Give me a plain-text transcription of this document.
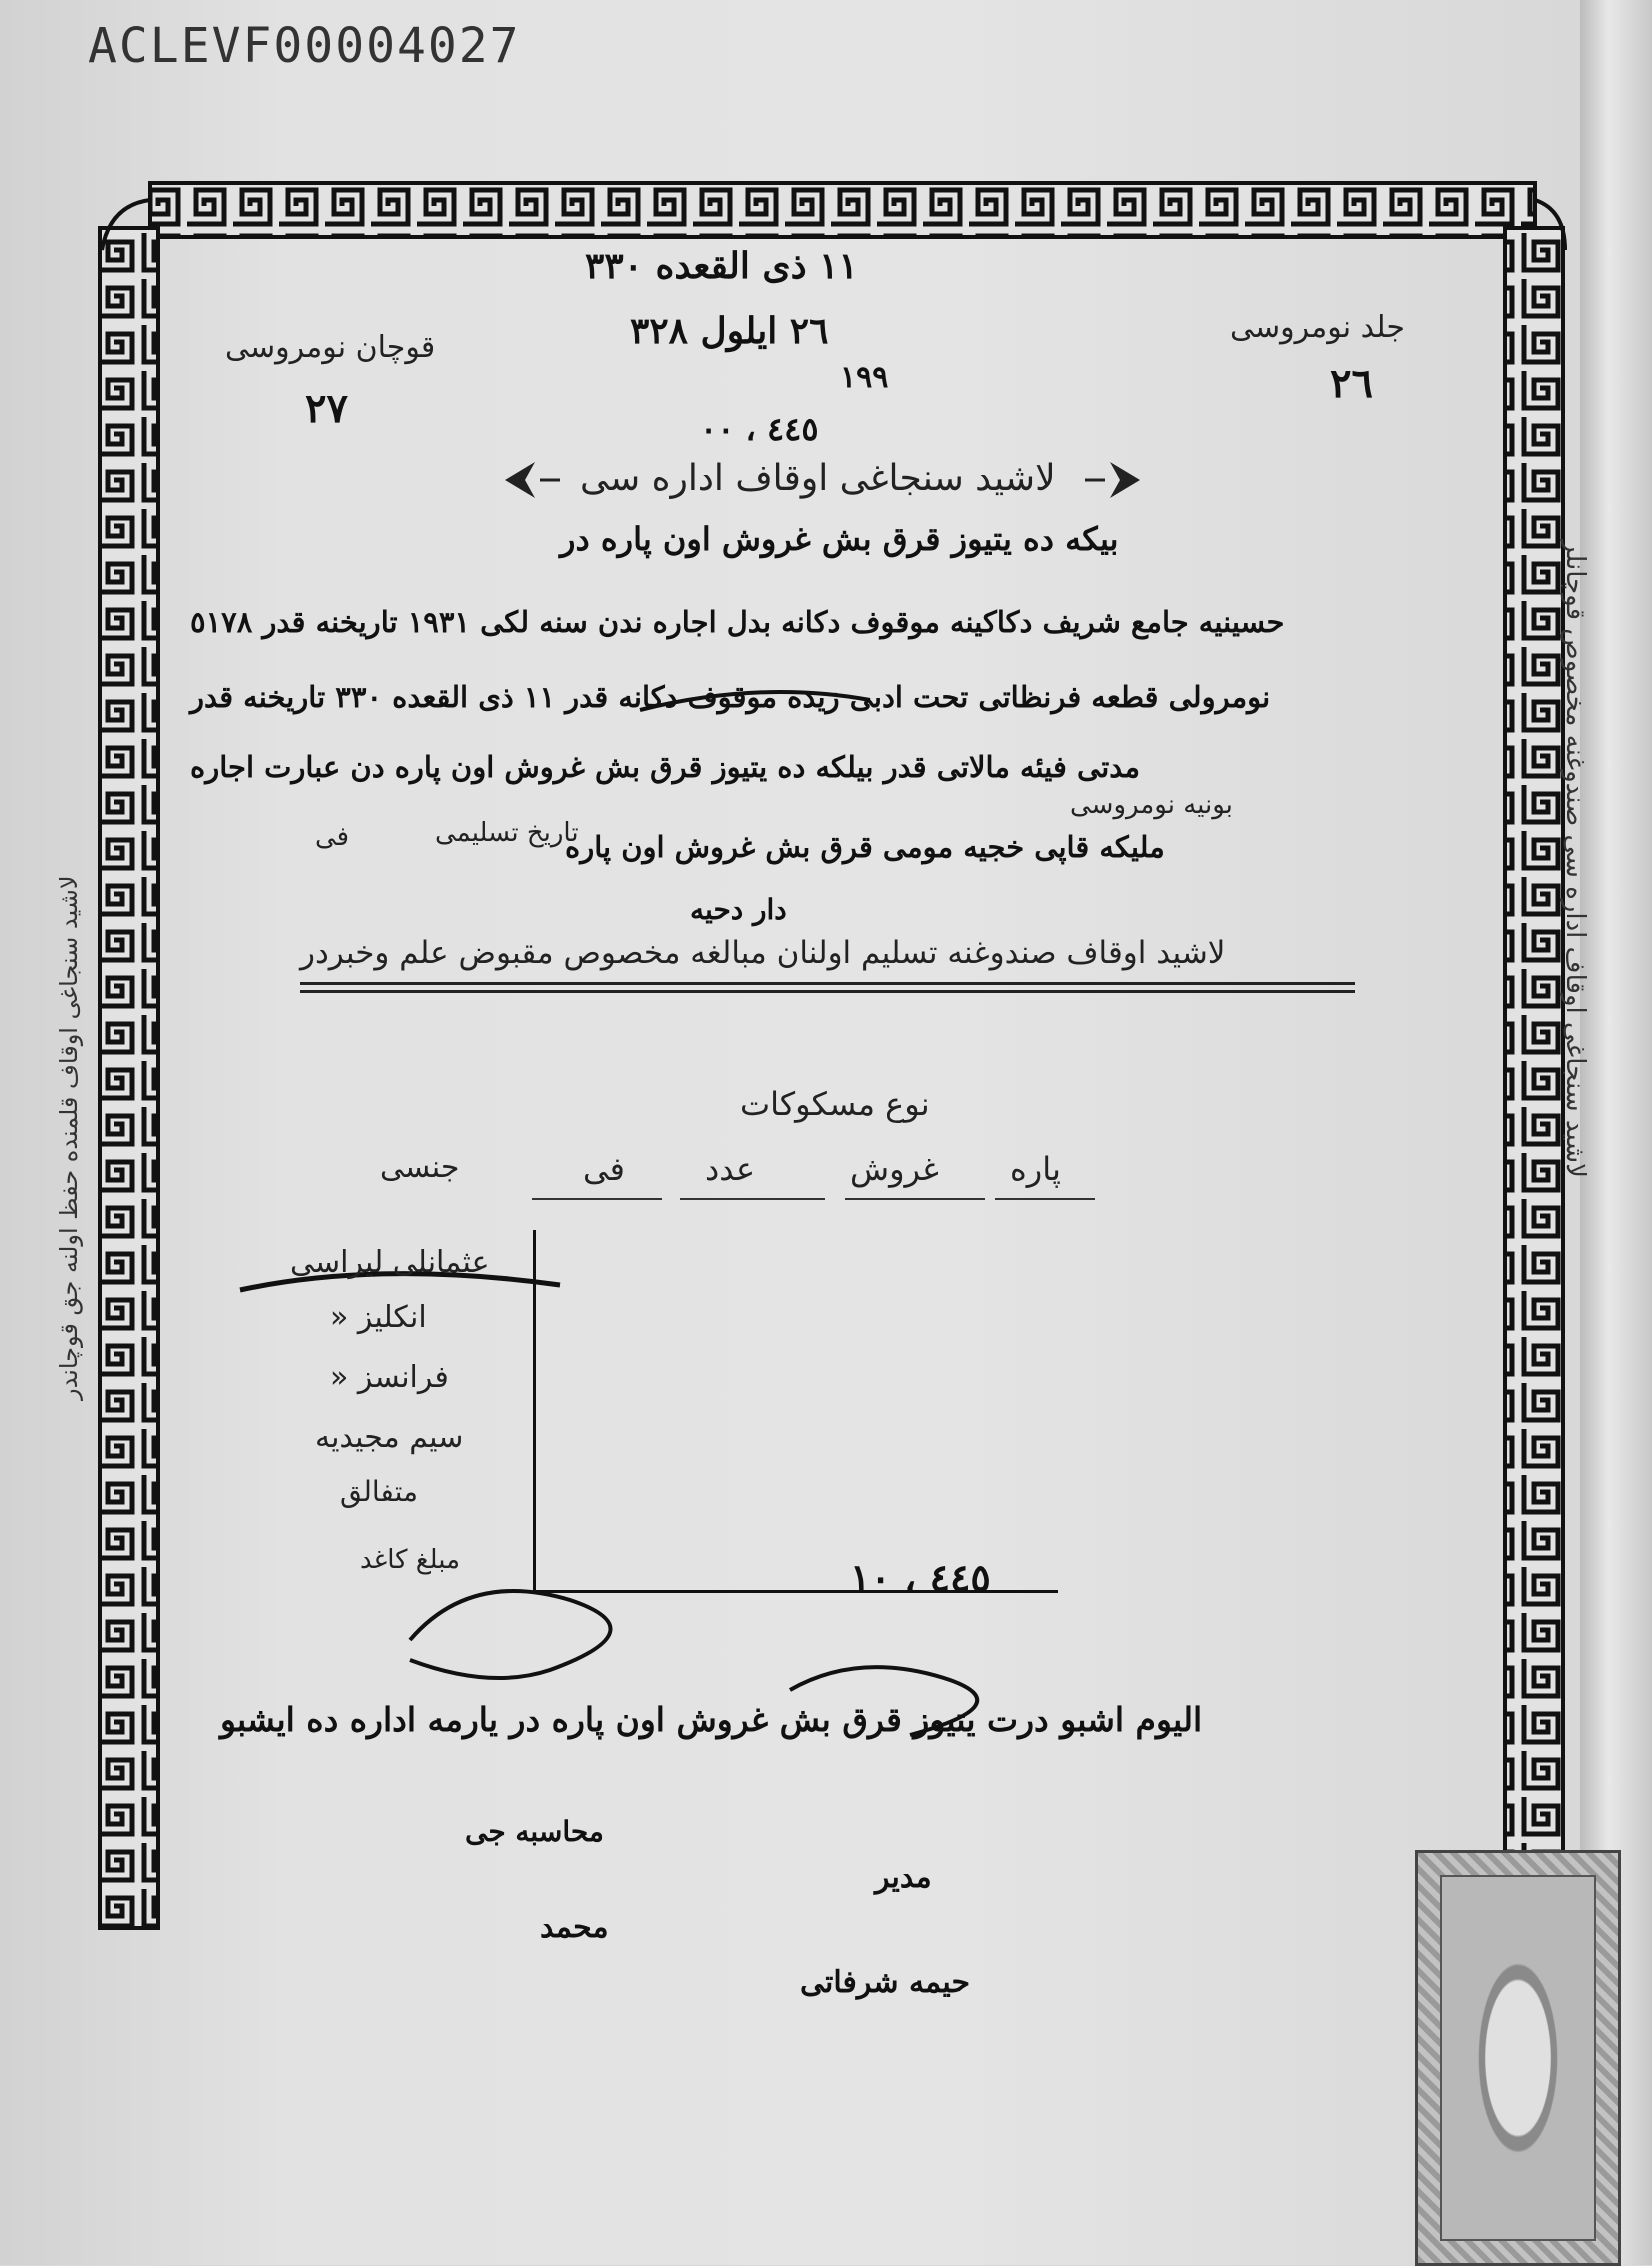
ACLEVF00004027
جلد نومروسی
٢٦
قوچان نومروسی
٢٧
١١ ذی القعده ٣٣٠
٢٦ ایلول ٣٢٨
١٩٩
٤٤٥ ، ٠٠
لاشید سنجاغی اوقاف اداره سی
بیکه ده یتیوز قرق بش غروش اون پاره در
حسینیه جامع شریف دکاکینه موقوف دکانه بدل اجاره ندن سنه لکی ١٩٣١ تاریخنه قدر ٥١٧٨
نومرولی قطعه فرنظاتی تحت ادبی زیده موقوف دکانه قدر ١١ ذی القعده ٣٣٠ تاریخنه قدر
مدتی فیئه مالاتی قدر بیلکه ده یتیوز قرق بش غروش اون پاره دن عبارت اجاره
بونیه نومروسی
تاریخ تسلیمی
فی	ملیکه قاپی خجیه مومی قرق بش غروش اون پاره
دار دحیه
لاشید اوقاف صندوغنه تسلیم اولنان مبالغه مخصوص مقبوض علم وخبردر
نوع مسکوکات
پاره
غروش
عدد
فی
جنسی
عثمانلی لیراسی
انکلیز «
فرانسز «
سیم مجیدیه
متفالق
مبلغ کاغد	٤٤٥ ، ١٠
الیوم اشبو درت یتیوز قرق بش غروش اون پاره در یارمه اداره ده ایشبو
محاسبه جی
مدیر
محمد
حیمه شرفاتی
لاشید سنجاغی اوقاف قلمنده حفظ اولنه جق قوچاندر	لاشید سنجاغی اوقاف اداره سی صندوغنه مخصوص قوچانلر
